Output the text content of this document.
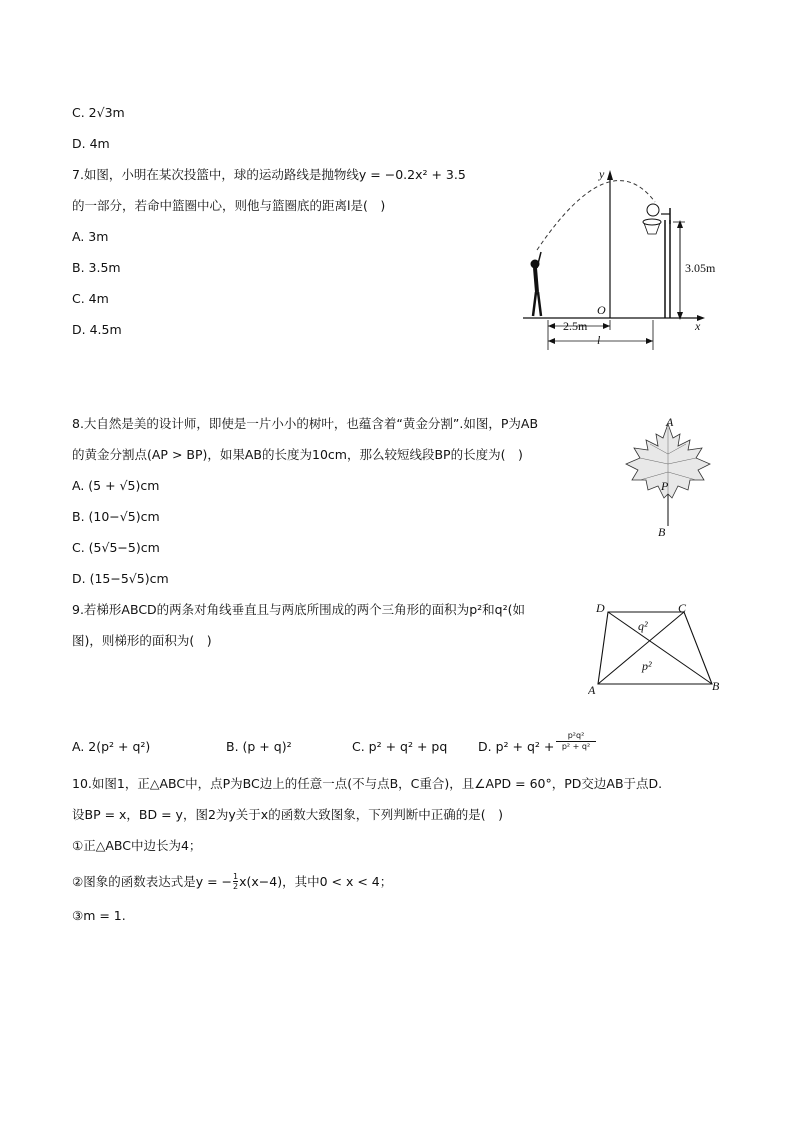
C. 2√3m
D. 4m
7.如图，小明在某次投篮中，球的运动路线是抛物线y = −0.2x² + 3.5
的一部分，若命中篮圈中心，则他与篮圈底的距离l是(　)
A. 3m
B. 3.5m
C. 4m
D. 4.5m
y
x
O
3.05m
2.5m
l
8.大自然是美的设计师，即使是一片小小的树叶，也蕴含着“黄金分割”.如图，P为AB
的黄金分割点(AP > BP)，如果AB的长度为10cm，那么较短线段BP的长度为(　)
A. (5 + √5)cm
B. (10−√5)cm
C. (5√5−5)cm
D. (15−5√5)cm
A
P
B
9.若梯形ABCD的两条对角线垂直且与两底所围成的两个三角形的面积为p²和q²(如
图)，则梯形的面积为(　)
D	C
A	B
q²
p²
A. 2(p² + q²)	B. (p + q)²	C. p² + q² + pq D. $p^2 + q^2 + \frac{\text{p²q²}}{\text{p² + q²}}$
10.如图1，正△ABC中，点P为BC边上的任意一点(不与点B，C重合)，且∠APD = 60°，PD交边AB于点D.
设BP = x，BD = y，图2为y关于x的函数大致图象，下列判断中正确的是(　)
①正△ABC中边长为4；
②图象的函数表达式是y = − $\frac{1}{2} x(x-4)$，其中0 < x < 4；
③m = 1.
